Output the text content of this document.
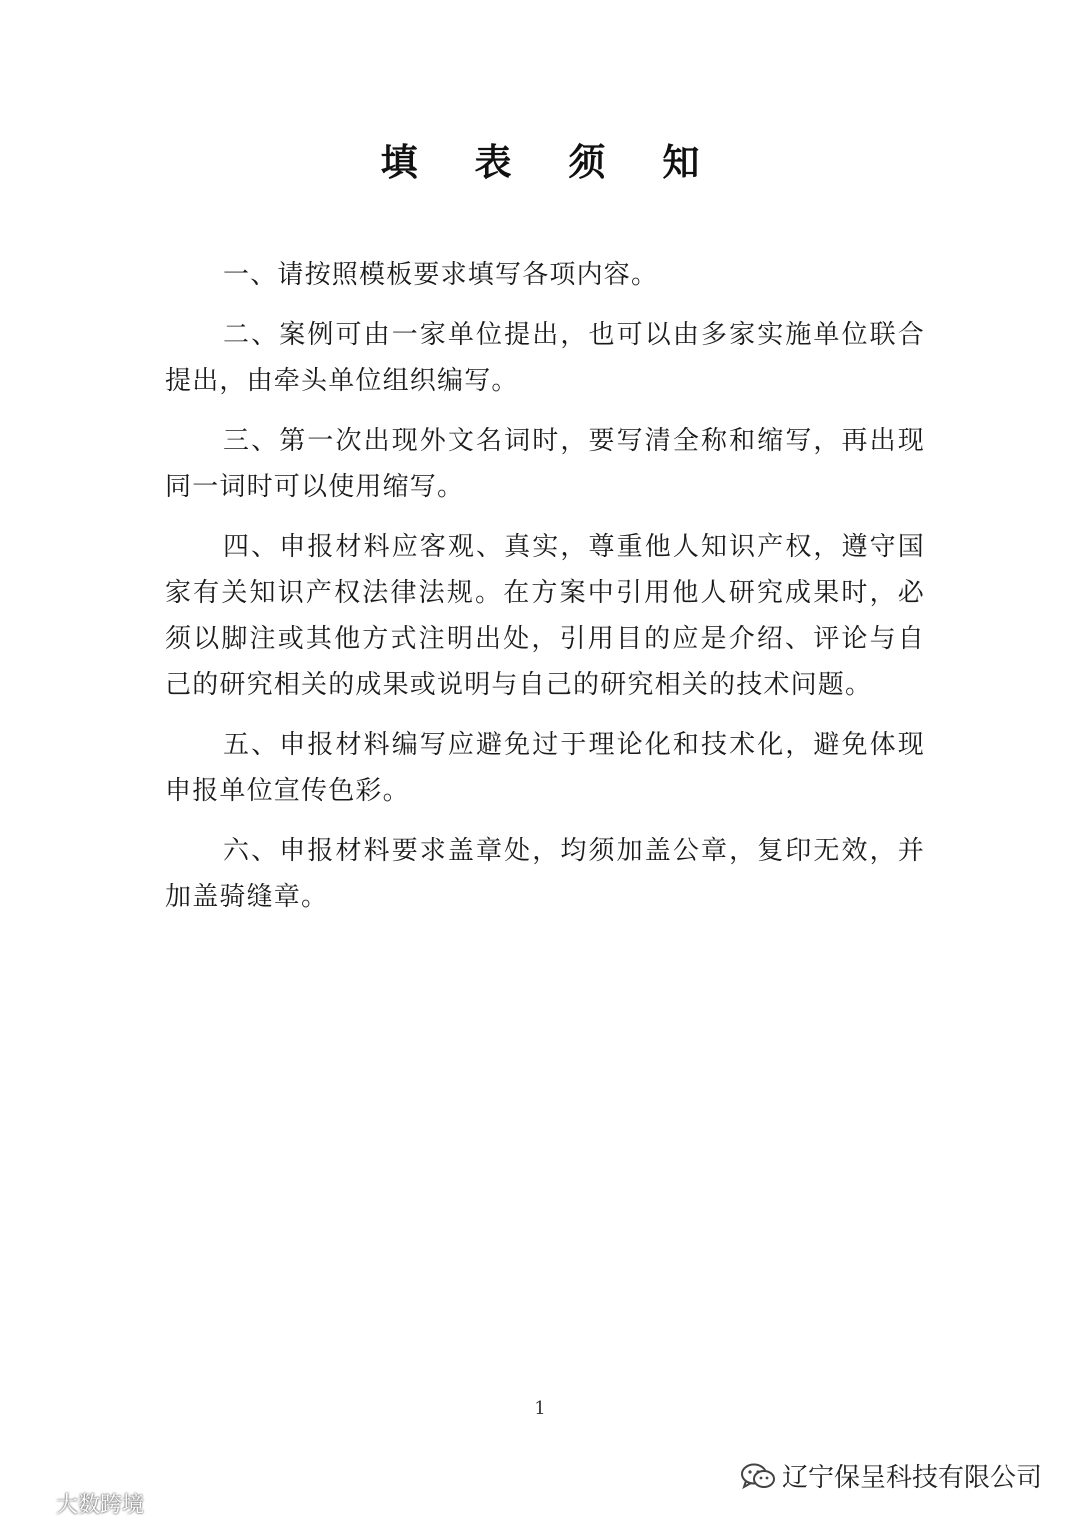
填 表 须 知

一、请按照模板要求填写各项内容。

二、案例可由一家单位提出，也可以由多家实施单位联合提出，由牵头单位组织编写。

三、第一次出现外文名词时，要写清全称和缩写，再出现同一词时可以使用缩写。

四、申报材料应客观、真实，尊重他人知识产权，遵守国家有关知识产权法律法规。在方案中引用他人研究成果时，必须以脚注或其他方式注明出处，引用目的应是介绍、评论与自己的研究相关的成果或说明与自己的研究相关的技术问题。

五、申报材料编写应避免过于理论化和技术化，避免体现申报单位宣传色彩。

六、申报材料要求盖章处，均须加盖公章，复印无效，并加盖骑缝章。

1
辽宁保呈科技有限公司
大数跨境
